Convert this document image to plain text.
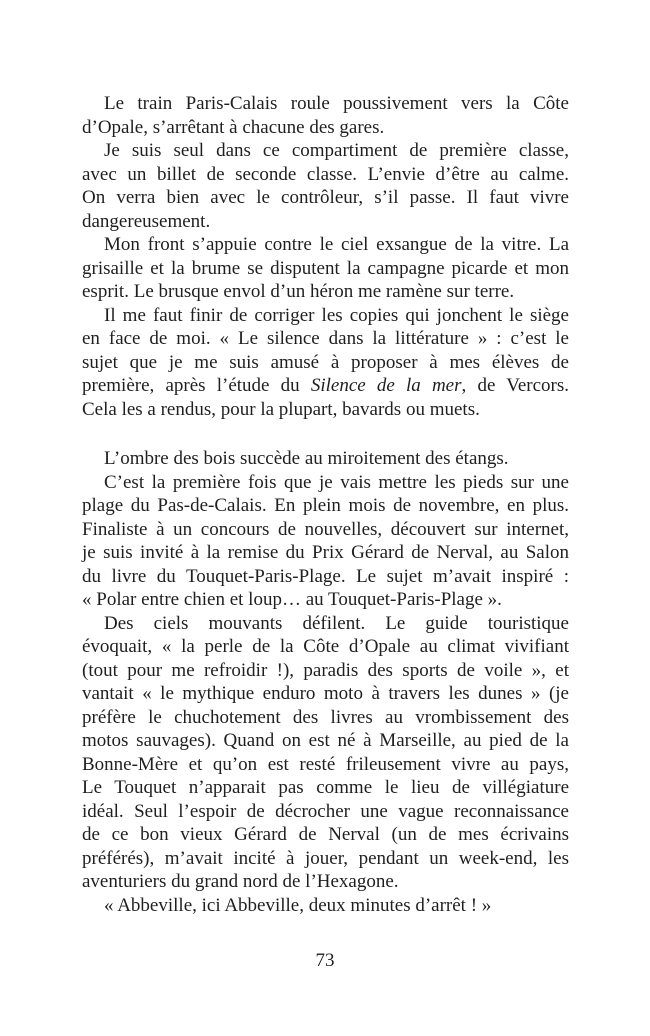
Le train Paris-Calais roule poussivement vers la Côte
d’Opale, s’arrêtant à chacune des gares.
Je suis seul dans ce compartiment de première classe,
avec un billet de seconde classe. L’envie d’être au calme.
On verra bien avec le contrôleur, s’il passe. Il faut vivre
dangereusement.
Mon front s’appuie contre le ciel exsangue de la vitre. La
grisaille et la brume se disputent la campagne picarde et mon
esprit. Le brusque envol d’un héron me ramène sur terre.
Il me faut finir de corriger les copies qui jonchent le siège
en face de moi. « Le silence dans la littérature » : c’est le
sujet que je me suis amusé à proposer à mes élèves de
première, après l’étude du Silence de la mer, de Vercors.
Cela les a rendus, pour la plupart, bavards ou muets.
L’ombre des bois succède au miroitement des étangs.
C’est la première fois que je vais mettre les pieds sur une
plage du Pas-de-Calais. En plein mois de novembre, en plus.
Finaliste à un concours de nouvelles, découvert sur internet,
je suis invité à la remise du Prix Gérard de Nerval, au Salon
du livre du Touquet-Paris-Plage. Le sujet m’avait inspiré :
« Polar entre chien et loup… au Touquet-Paris-Plage ».
Des ciels mouvants défilent. Le guide touristique
évoquait, « la perle de la Côte d’Opale au climat vivifiant
(tout pour me refroidir !), paradis des sports de voile », et
vantait « le mythique enduro moto à travers les dunes » (je
préfère le chuchotement des livres au vrombissement des
motos sauvages). Quand on est né à Marseille, au pied de la
Bonne-Mère et qu’on est resté frileusement vivre au pays,
Le Touquet n’apparait pas comme le lieu de villégiature
idéal. Seul l’espoir de décrocher une vague reconnaissance
de ce bon vieux Gérard de Nerval (un de mes écrivains
préférés), m’avait incité à jouer, pendant un week-end, les
aventuriers du grand nord de l’Hexagone.
« Abbeville, ici Abbeville, deux minutes d’arrêt ! »
73
